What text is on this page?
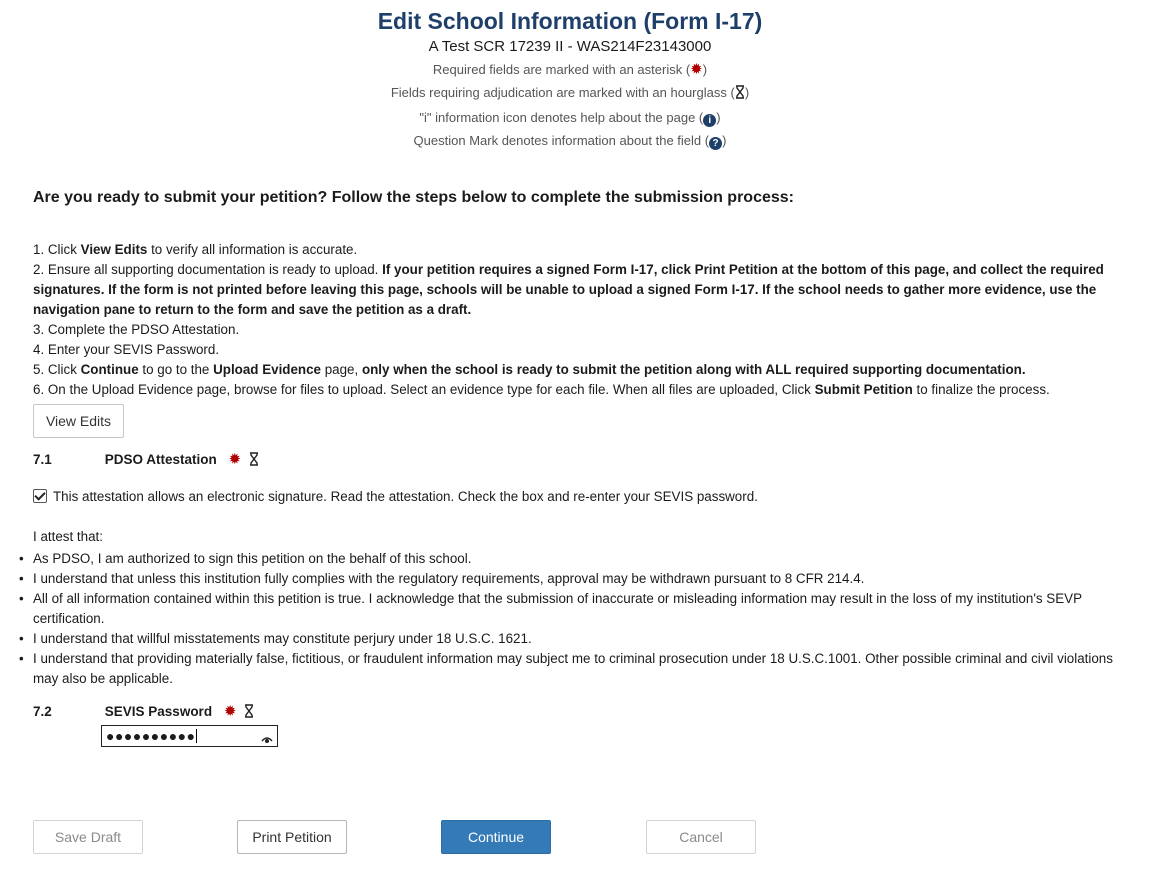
Edit School Information (Form I-17)
A Test SCR 17239 II - WAS214F23143000
Required fields are marked with an asterisk (✹)
Fields requiring adjudication are marked with an hourglass ( )
"i" information icon denotes help about the page ( i )
Question Mark denotes information about the field ( ? )
Are you ready to submit your petition? Follow the steps below to complete the submission process:
1. Click View Edits to verify all information is accurate.
2. Ensure all supporting documentation is ready to upload. If your petition requires a signed Form I-17, click Print Petition at the bottom of this page, and collect the required signatures. If the form is not printed before leaving this page, schools will be unable to upload a signed Form I-17. If the school needs to gather more evidence, use the navigation pane to return to the form and save the petition as a draft.
3. Complete the PDSO Attestation.
4. Enter your SEVIS Password.
5. Click Continue to go to the Upload Evidence page, only when the school is ready to submit the petition along with ALL required supporting documentation.
6. On the Upload Evidence page, browse for files to upload. Select an evidence type for each file. When all files are uploaded, Click Submit Petition to finalize the process.
View Edits
7.1	PDSO Attestation ✹
This attestation allows an electronic signature. Read the attestation. Check the box and re-enter your SEVIS password.
I attest that:
• As PDSO, I am authorized to sign this petition on the behalf of this school.
• I understand that unless this institution fully complies with the regulatory requirements, approval may be withdrawn pursuant to 8 CFR 214.4.
• All of all information contained within this petition is true. I acknowledge that the submission of inaccurate or misleading information may result in the loss of my institution's SEVP certification.
• I understand that willful misstatements may constitute perjury under 18 U.S.C. 1621.
• I understand that providing materially false, fictitious, or fraudulent information may subject me to criminal prosecution under 18 U.S.C.1001. Other possible criminal and civil violations may also be applicable.
7.2	SEVIS Password ✹
●●●●●●●●●●
Save Draft	Print Petition	Continue	Cancel
